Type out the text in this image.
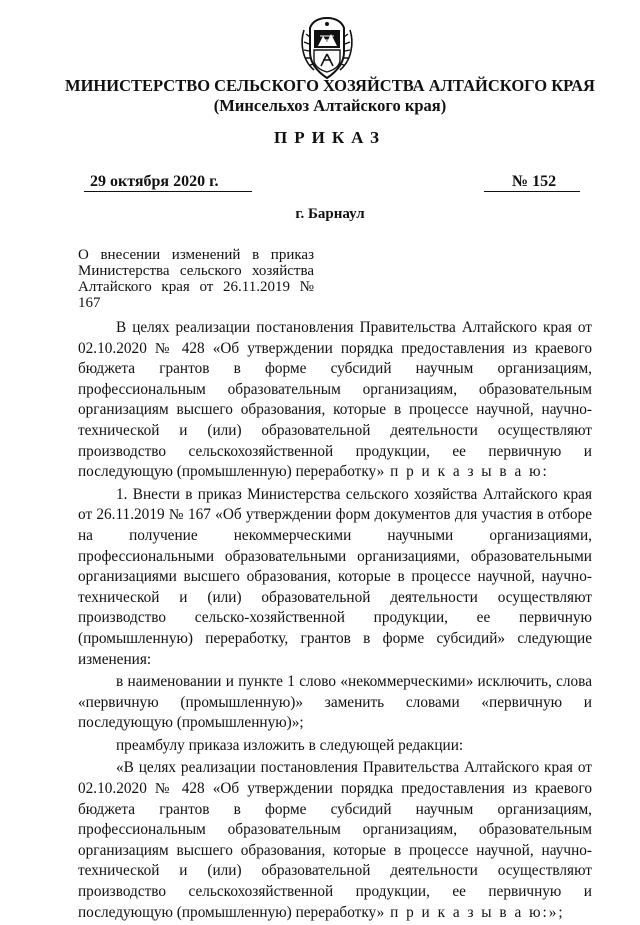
МИНИСТЕРСТВО СЕЛЬСКОГО ХОЗЯЙСТВА АЛТАЙСКОГО КРАЯ
(Минсельхоз Алтайского края)
ПРИКАЗ
29 октября 2020 г.	№ 152
г. Барнаул
О внесении изменений в приказ Министерства сельского хозяйства Алтайского края от 26.11.2019 № 167

В целях реализации постановления Правительства Алтайского края от 02.10.2020 № 428 «Об утверждении порядка предоставления из краевого бюджета грантов в форме субсидий научным организациям, профессиональным образовательным организациям, образовательным организациям высшего образования, которые в процессе научной, научно-технической и (или) образовательной деятельности осуществляют производство сельскохозяйственной продукции, ее первичную и последующую (промышленную) переработку» п р и к а з ы в а ю:

1. Внести в приказ Министерства сельского хозяйства Алтайского края от 26.11.2019 № 167 «Об утверждении форм документов для участия в отборе на получение некоммерческими научными организациями, профессиональными образовательными организациями, образовательными организациями высшего образования, которые в процессе научной, научно-технической и (или) образовательной деятельности осуществляют производство сельско-хозяйственной продукции, ее первичную (промышленную) переработку, грантов в форме субсидий» следующие изменения:

в наименовании и пункте 1 слово «некоммерческими» исключить, слова «первичную (промышленную)» заменить словами «первичную и последующую (промышленную)»;

преамбулу приказа изложить в следующей редакции:

«В целях реализации постановления Правительства Алтайского края от 02.10.2020 № 428 «Об утверждении порядка предоставления из краевого бюджета грантов в форме субсидий научным организациям, профессиональным образовательным организациям, образовательным организациям высшего образования, которые в процессе научной, научно-технической и (или) образовательной деятельности осуществляют производство сельскохозяйственной продукции, ее первичную и последующую (промышленную) переработку» п р и к а з ы в а ю:»;
